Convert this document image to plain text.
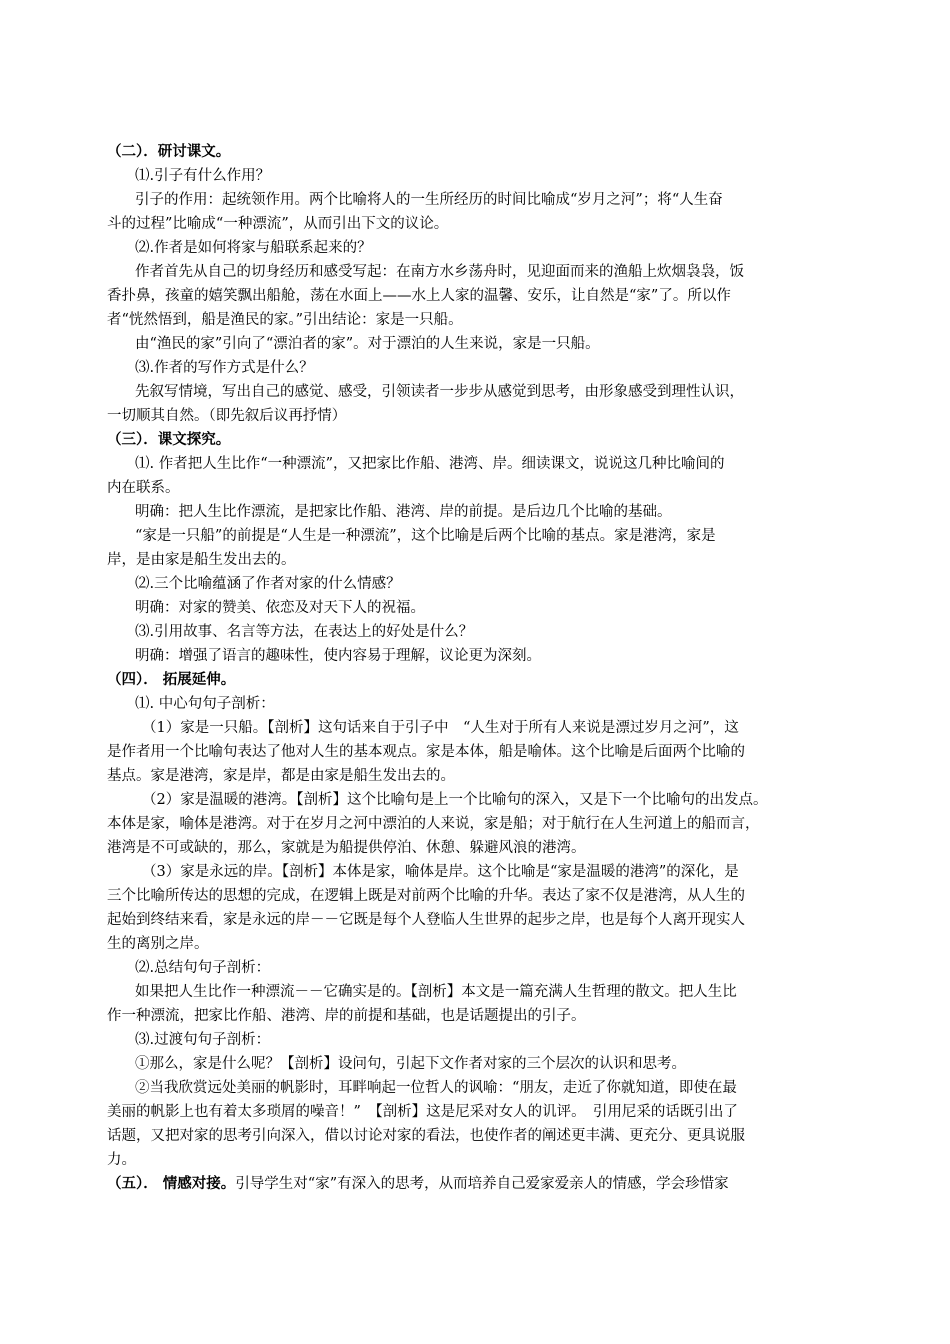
（二）．研讨课文。
⑴.引子有什么作用？
引子的作用：起统领作用。两个比喻将人的一生所经历的时间比喻成“岁月之河”；将“人生奋
斗的过程”比喻成“一种漂流”，从而引出下文的议论。
⑵.作者是如何将家与船联系起来的？
作者首先从自己的切身经历和感受写起：在南方水乡荡舟时，见迎面而来的渔船上炊烟袅袅，饭
香扑鼻，孩童的嬉笑飘出船舱，荡在水面上——水上人家的温馨、安乐，让自然是“家”了。所以作
者“恍然悟到，船是渔民的家。”引出结论：家是一只船。
由“渔民的家”引向了“漂泊者的家”。对于漂泊的人生来说，家是一只船。
⑶.作者的写作方式是什么？
先叙写情境，写出自己的感觉、感受，引领读者一步步从感觉到思考，由形象感受到理性认识，
一切顺其自然。（即先叙后议再抒情）
（三）．课文探究。
⑴. 作者把人生比作“一种漂流”，又把家比作船、港湾、岸。细读课文，说说这几种比喻间的
内在联系。
明确：把人生比作漂流，是把家比作船、港湾、岸的前提。是后边几个比喻的基础。
“家是一只船”的前提是“人生是一种漂流”，这个比喻是后两个比喻的基点。家是港湾，家是
岸，是由家是船生发出去的。
⑵.三个比喻蕴涵了作者对家的什么情感？
明确：对家的赞美、依恋及对天下人的祝福。
⑶.引用故事、名言等方法，在表达上的好处是什么？
明确：增强了语言的趣味性，使内容易于理解，议论更为深刻。
（四）． 拓展延伸。
⑴. 中心句句子剖析：
（1）家是一只船。【剖析】这句话来自于引子中　“人生对于所有人来说是漂过岁月之河”，这
是作者用一个比喻句表达了他对人生的基本观点。家是本体，船是喻体。这个比喻是后面两个比喻的
基点。家是港湾，家是岸，都是由家是船生发出去的。
（2）家是温暖的港湾。【剖析】这个比喻句是上一个比喻句的深入，又是下一个比喻句的出发点。
本体是家，喻体是港湾。对于在岁月之河中漂泊的人来说，家是船；对于航行在人生河道上的船而言，
港湾是不可或缺的，那么，家就是为船提供停泊、休憩、躲避风浪的港湾。
（3）家是永远的岸。【剖析】本体是家，喻体是岸。这个比喻是“家是温暖的港湾”的深化，是
三个比喻所传达的思想的完成，在逻辑上既是对前两个比喻的升华。表达了家不仅是港湾，从人生的
起始到终结来看，家是永远的岸－－它既是每个人登临人生世界的起步之岸，也是每个人离开现实人
生的离别之岸。
⑵.总结句句子剖析：
如果把人生比作一种漂流－－它确实是的。【剖析】本文是一篇充满人生哲理的散文。把人生比
作一种漂流，把家比作船、港湾、岸的前提和基础，也是话题提出的引子。
⑶.过渡句句子剖析：
①那么，家是什么呢？【剖析】设问句，引起下文作者对家的三个层次的认识和思考。
②当我欣赏远处美丽的帆影时，耳畔响起一位哲人的讽喻：“朋友，走近了你就知道，即使在最
美丽的帆影上也有着太多琐屑的噪音！”　【剖析】这是尼采对女人的讥评。　引用尼采的话既引出了
话题，又把对家的思考引向深入，借以讨论对家的看法，也使作者的阐述更丰满、更充分、更具说服
力。
（五）． 情感对接。引导学生对“家”有深入的思考，从而培养自己爱家爱亲人的情感，学会珍惜家
